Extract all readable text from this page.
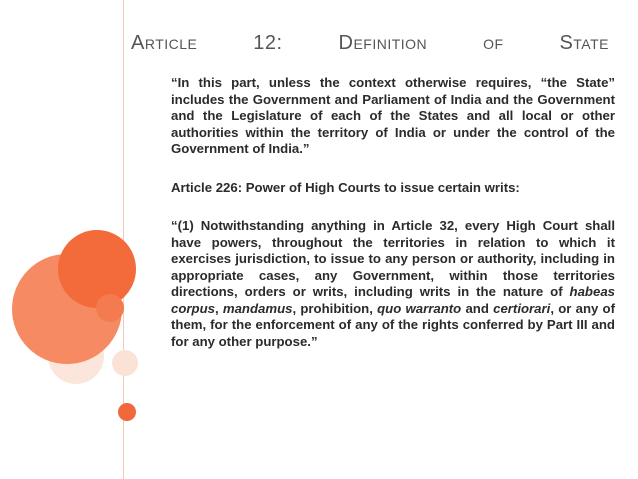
Article	12:	Definition	of	State

“In this part, unless the context otherwise requires, “the State” includes the Government and Parliament of India and the Government and the Legislature of each of the States and all local or other authorities within the territory of India or under the control of the Government of India.”

Article 226: Power of High Courts to issue certain writs:

“(1) Notwithstanding anything in Article 32, every High Court shall have powers, throughout the territories in relation to which it exercises jurisdiction, to issue to any person or authority, including in appropriate cases, any Government, within those territories directions, orders or writs, including writs in the nature of habeas corpus, mandamus, prohibition, quo warranto and certiorari, or any of them, for the enforcement of any of the rights conferred by Part III and for any other purpose.”
